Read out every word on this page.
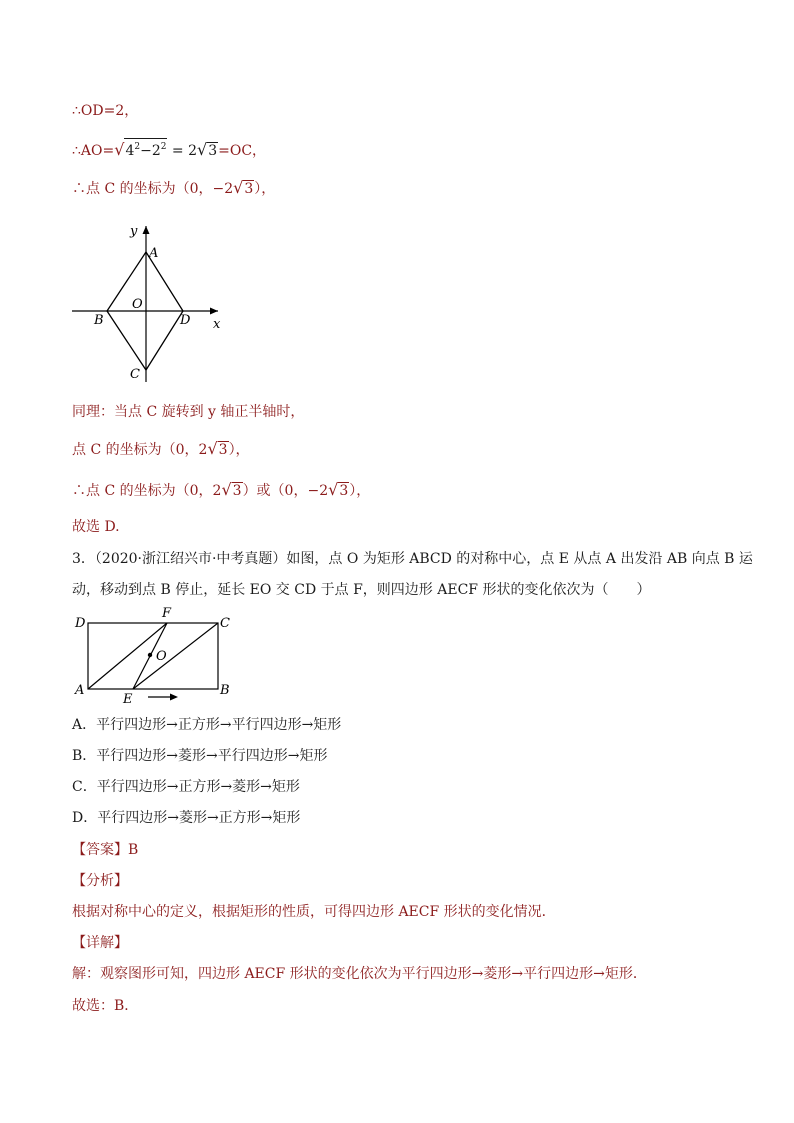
∴OD=2，
$\therefore AO=√4^2-2^2 = 2√3=OC$，
∴点 C 的坐标为（0，−2√3），
y
x
A
B
C
D
O
同理：当点 C 旋转到 y 轴正半轴时，
点 C 的坐标为（0，2√3），
∴点 C 的坐标为（0，2√3）或（0，−2√3），
故选 D.
3．（2020·浙江绍兴市·中考真题）如图，点 O 为矩形 ABCD 的对称中心，点 E 从点 A 出发沿 AB 向点 B 运
动，移动到点 B 停止，延长 EO 交 CD 于点 F，则四边形 AECF 形状的变化依次为（　　）
D	C
A	B
F
E
O
A．平行四边形→正方形→平行四边形→矩形
B．平行四边形→菱形→平行四边形→矩形
C．平行四边形→正方形→菱形→矩形
D．平行四边形→菱形→正方形→矩形
【答案】B
【分析】
根据对称中心的定义，根据矩形的性质，可得四边形 AECF 形状的变化情况．
【详解】
解：观察图形可知，四边形 AECF 形状的变化依次为平行四边形→菱形→平行四边形→矩形．
故选：B．
